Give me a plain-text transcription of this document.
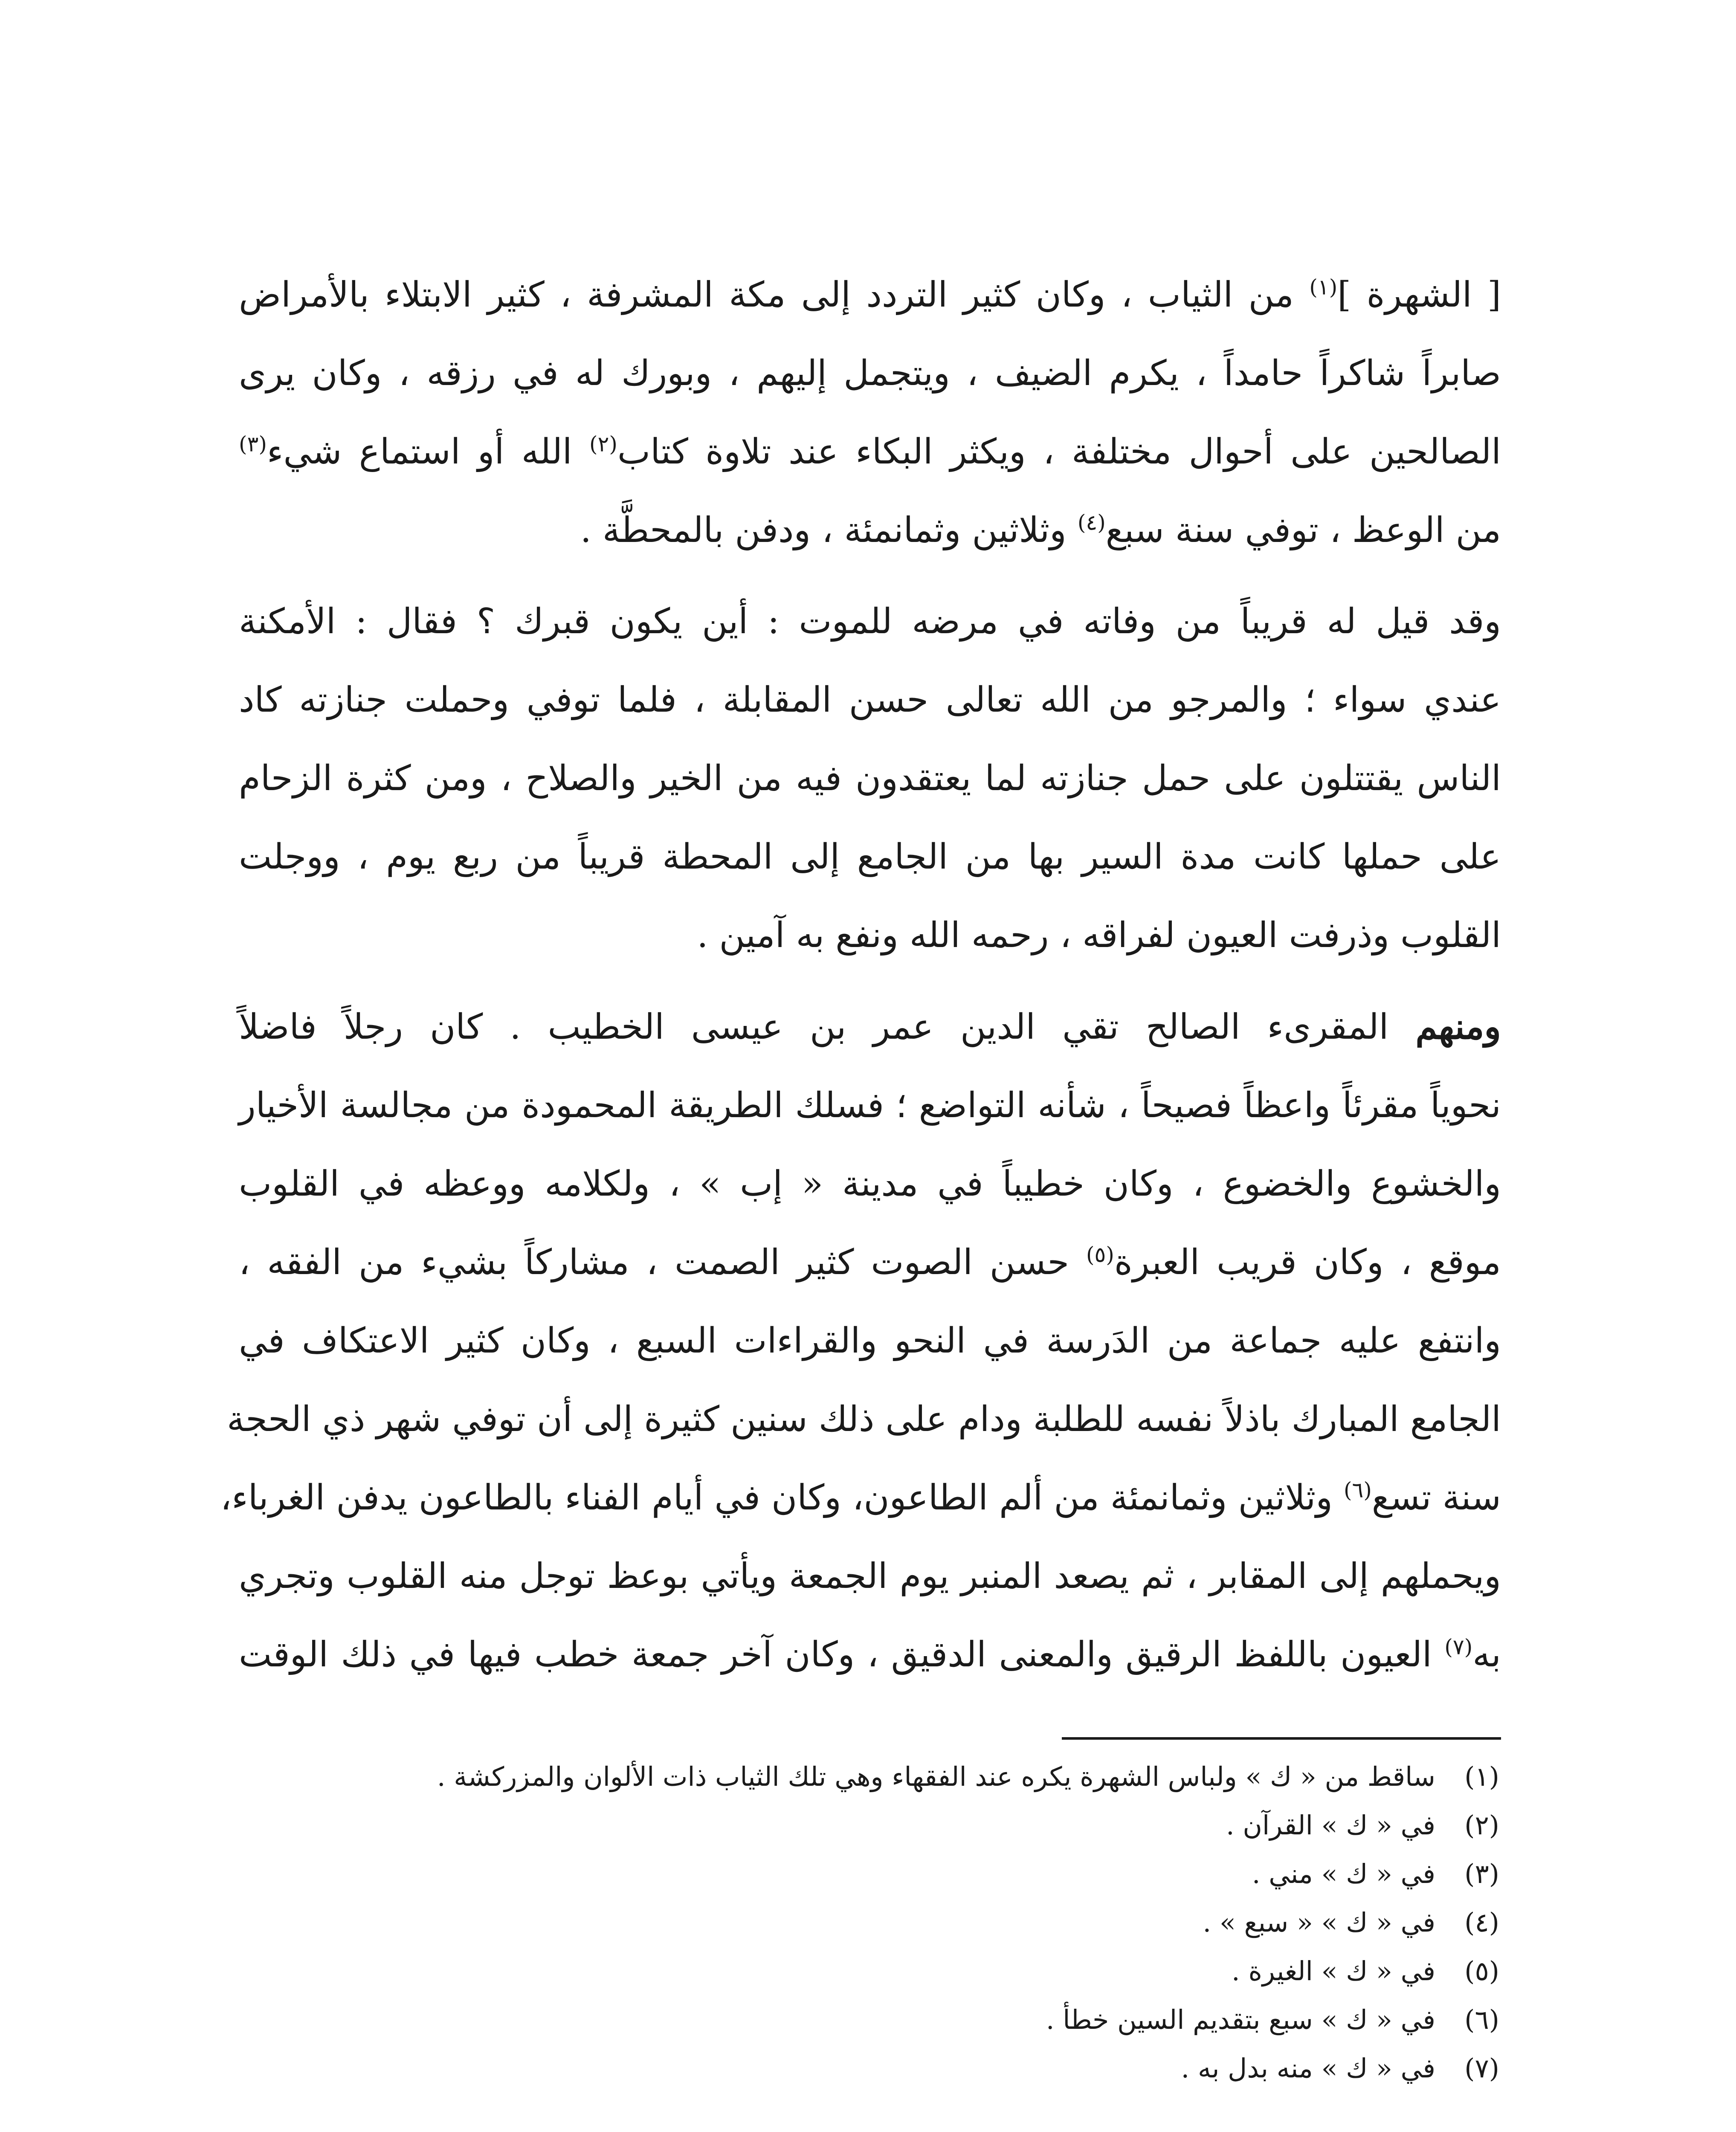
[ الشهرة ]$^{(١)}$ من الثياب ، وكان كثير التردد إلى مكة المشرفة ، كثير الابتلاء بالأمراض
صابراً شاكراً حامداً ، يكرم الضيف ، ويتجمل إليهم ، وبورك له في رزقه ، وكان يرى
الصالحين على أحوال مختلفة ، ويكثر البكاء عند تلاوة كتاب$^{(٢)}$ الله أو استماع شيء$^{(٣)}$
من الوعظ ، توفي سنة سبع$^{(٤)}$ وثلاثين وثمانمئة ، ودفن بالمحطَّة .

وقد قيل له قريباً من وفاته في مرضه للموت : أين يكون قبرك ؟ فقال : الأمكنة
عندي سواء ؛ والمرجو من الله تعالى حسن المقابلة ، فلما توفي وحملت جنازته كاد
الناس يقتتلون على حمل جنازته لما يعتقدون فيه من الخير والصلاح ، ومن كثرة الزحام
على حملها كانت مدة السير بها من الجامع إلى المحطة قريباً من ربع يوم ، ووجلت
القلوب وذرفت العيون لفراقه ، رحمه الله ونفع به آمين .

ومنهم المقرىء الصالح تقي الدين عمر بن عيسى الخطيب . كان رجلاً فاضلاً
نحوياً مقرئاً واعظاً فصيحاً ، شأنه التواضع ؛ فسلك الطريقة المحمودة من مجالسة الأخيار
والخشوع والخضوع ، وكان خطيباً في مدينة « إب » ، ولكلامه ووعظه في القلوب
موقع ، وكان قريب العبرة$^{(٥)}$ حسن الصوت كثير الصمت ، مشاركاً بشيء من الفقه ،
وانتفع عليه جماعة من الدَرسة في النحو والقراءات السبع ، وكان كثير الاعتكاف في
الجامع المبارك باذلاً نفسه للطلبة ودام على ذلك سنين كثيرة إلى أن توفي شهر ذي الحجة
سنة تسع$^{(٦)}$ وثلاثين وثمانمئة من ألم الطاعون، وكان في أيام الفناء بالطاعون يدفن الغرباء،
ويحملهم إلى المقابر ، ثم يصعد المنبر يوم الجمعة ويأتي بوعظ توجل منه القلوب وتجري
به$^{(٧)}$ العيون باللفظ الرقيق والمعنى الدقيق ، وكان آخر جمعة خطب فيها في ذلك الوقت

(١)
ساقط من « ك » ولباس الشهرة يكره عند الفقهاء وهي تلك الثياب ذات الألوان والمزركشة .
(٢)
في « ك » القرآن .
(٣)
في « ك » مني .
(٤)
في « ك » « سبع » .
(٥)
في « ك » الغيرة .
(٦)
في « ك » سبع بتقديم السين خطأ .
(٧)
في « ك » منه بدل به .
